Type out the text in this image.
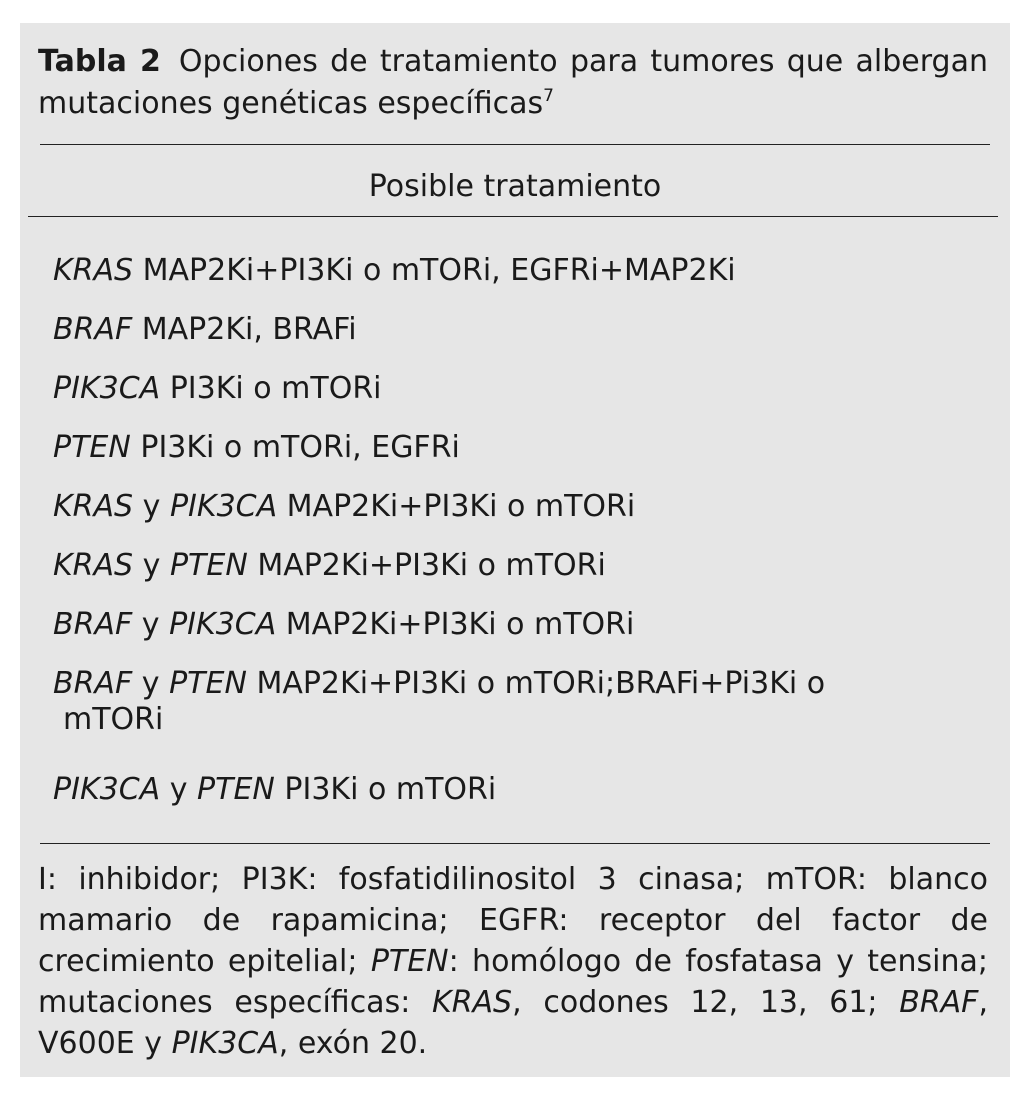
Tabla 2 Opciones de tratamiento para tumores que albergan mutaciones genéticas específicas$^7$
Posible tratamiento
KRAS MAP2Ki+PI3Ki o mTORi, EGFRi+MAP2Ki
BRAF MAP2Ki, BRAFi
PIK3CA PI3Ki o mTORi
PTEN PI3Ki o mTORi, EGFRi
KRAS y PIK3CA MAP2Ki+PI3Ki o mTORi
KRAS y PTEN MAP2Ki+PI3Ki o mTORi
BRAF y PIK3CA MAP2Ki+PI3Ki o mTORi
BRAF y PTEN MAP2Ki+PI3Ki o mTORi;BRAFi+Pi3Ki o
mTORi
PIK3CA y PTEN PI3Ki o mTORi
I: inhibidor; PI3K: fosfatidilinositol 3 cinasa; mTOR: blanco mamario de rapamicina; EGFR: receptor del factor de crecimiento epitelial; PTEN: homólogo de fosfatasa y tensina; mutaciones específicas: KRAS, codones 12, 13, 61; BRAF, V600E y PIK3CA, exón 20.
